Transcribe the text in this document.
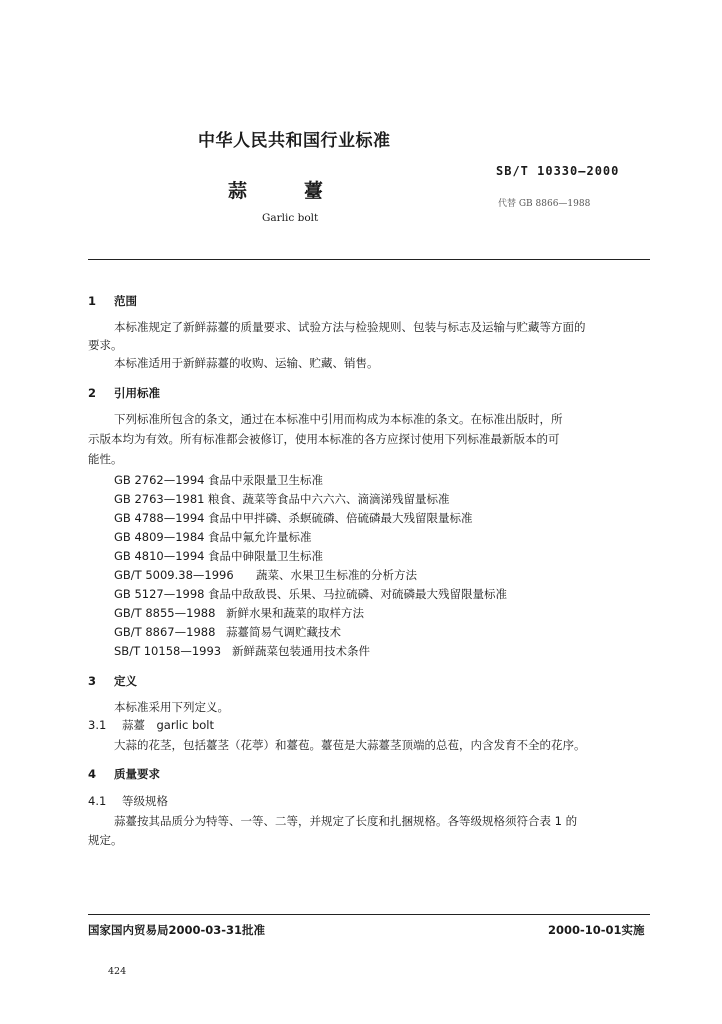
中华人民共和国行业标准
SB/T 10330—2000
蒜　　　薹
代替 GB 8866—1988
Garlic bolt
1 范围
本标准规定了新鲜蒜薹的质量要求、试验方法与检验规则、包装与标志及运输与贮藏等方面的
要求。
本标准适用于新鲜蒜薹的收购、运输、贮藏、销售。
2 引用标准
下列标准所包含的条文，通过在本标准中引用而构成为本标准的条文。在标准出版时，所
示版本均为有效。所有标准都会被修订，使用本标准的各方应探讨使用下列标准最新版本的可
能性。
GB 2762—1994 食品中汞限量卫生标准
GB 2763—1981 粮食、蔬菜等食品中六六六、滴滴涕残留量标准
GB 4788—1994 食品中甲拌磷、杀螟硫磷、倍硫磷最大残留限量标准
GB 4809—1984 食品中氟允许量标准
GB 4810—1994 食品中砷限量卫生标准
GB/T 5009.38—1996 蔬菜、水果卫生标准的分析方法
GB 5127—1998 食品中敌敌畏、乐果、马拉硫磷、对硫磷最大残留限量标准
GB/T 8855—1988 新鲜水果和蔬菜的取样方法
GB/T 8867—1988 蒜薹简易气调贮藏技术
SB/T 10158—1993 新鲜蔬菜包装通用技术条件
3 定义
本标准采用下列定义。
3.1 蒜薹　garlic bolt
大蒜的花茎，包括薹茎（花葶）和薹苞。薹苞是大蒜薹茎顶端的总苞，内含发育不全的花序。
4 质量要求
4.1 等级规格
蒜薹按其品质分为特等、一等、二等，并规定了长度和扎捆规格。各等级规格须符合表 1 的
规定。
国家国内贸易局2000-03-31批准	2000-10-01实施
424
